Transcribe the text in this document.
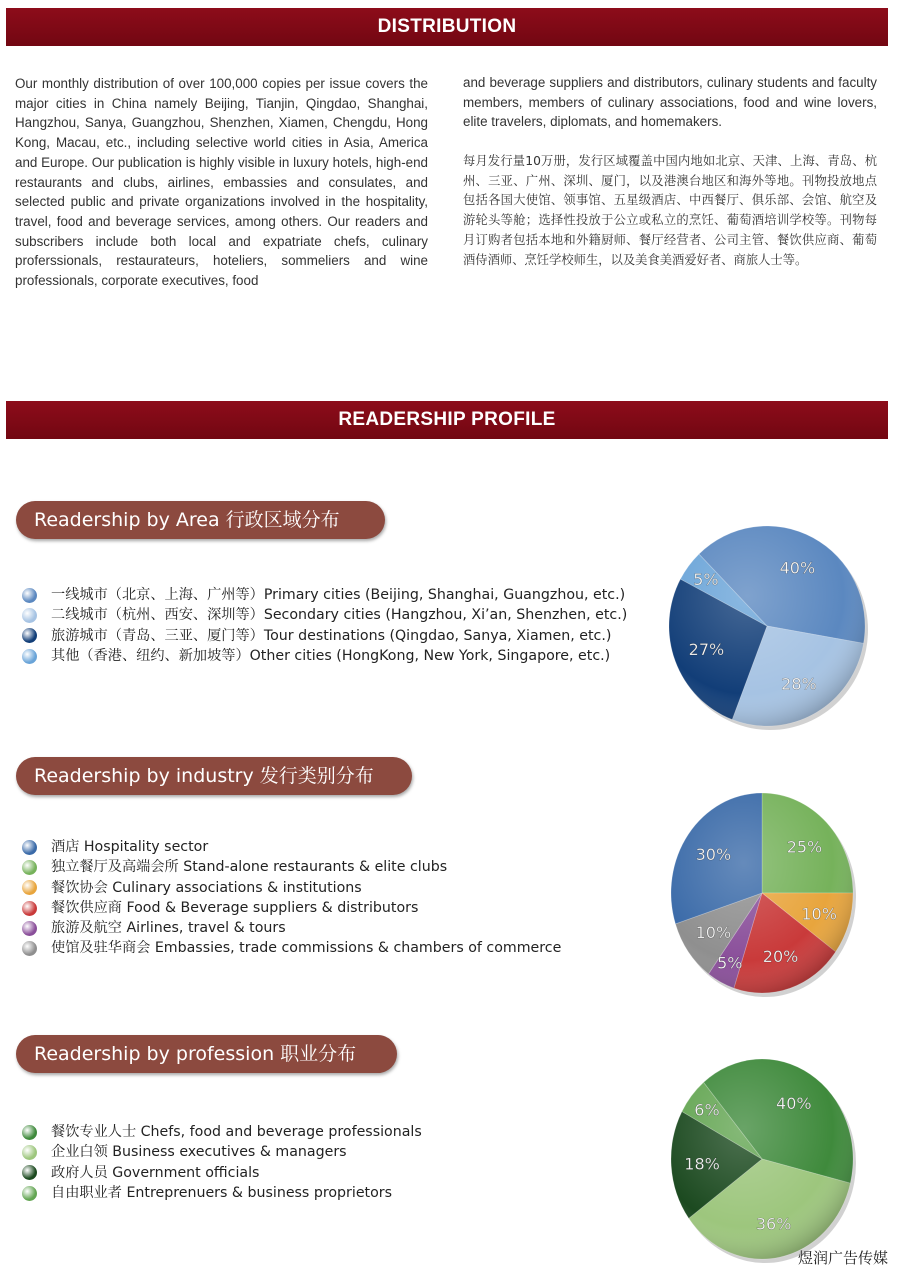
DISTRIBUTION
Our monthly distribution of over 100,000 copies per issue covers the major cities in China namely Beijing, Tianjin, Qingdao, Shanghai, Hangzhou, Sanya, Guangzhou, Shenzhen, Xiamen, Chengdu, Hong Kong, Macau, etc., including selective world cities in Asia, America and Europe. Our publication is highly visible in luxury hotels, high-end restaurants and clubs, airlines, embassies and consulates, and selected public and private organizations involved in the hospitality, travel, food and beverage services, among others. Our readers and subscribers include both local and expatriate chefs, culinary proferssionals, restaurateurs, hoteliers, sommeliers and wine professionals, corporate executives, food
and beverage suppliers and distributors, culinary students and faculty members, members of culinary associations, food and wine lovers, elite travelers, diplomats, and homemakers.
每月发行量10万册，发行区域覆盖中国内地如北京、天津、上海、青岛、杭州、三亚、广州、深圳、厦门，以及港澳台地区和海外等地。刊物投放地点包括各国大使馆、领事馆、五星级酒店、中西餐厅、俱乐部、会馆、航空及游轮头等舱；选择性投放于公立或私立的烹饪、葡萄酒培训学校等。刊物每月订购者包括本地和外籍厨师、餐厅经营者、公司主管、餐饮供应商、葡萄酒侍酒师、烹饪学校师生，以及美食美酒爱好者、商旅人士等。
READERSHIP PROFILE
Readership by Area 行政区域分布
一线城市（北京、上海、广州等）Primary cities (Beijing, Shanghai, Guangzhou, etc.)
二线城市（杭州、西安、深圳等）Secondary cities (Hangzhou, Xi’an, Shenzhen, etc.)
旅游城市（青岛、三亚、厦门等）Tour destinations (Qingdao, Sanya, Xiamen, etc.)
其他（香港、纽约、新加坡等）Other cities (HongKong, New York, Singapore, etc.)
40%
28%
27%
5%
Readership by industry 发行类别分布
酒店 Hospitality sector
独立餐厅及高端会所 Stand-alone restaurants & elite clubs
餐饮协会 Culinary associations & institutions
餐饮供应商 Food & Beverage suppliers & distributors
旅游及航空 Airlines, travel & tours
使馆及驻华商会 Embassies, trade commissions & chambers of commerce
25%
10%
20%
5%
10%
30%
Readership by profession 职业分布
餐饮专业人士 Chefs, food and beverage professionals
企业白领 Business executives & managers
政府人员 Government officials
自由职业者 Entreprenuers & business proprietors
40%
36%
18%
6%
煜润广告传媒
